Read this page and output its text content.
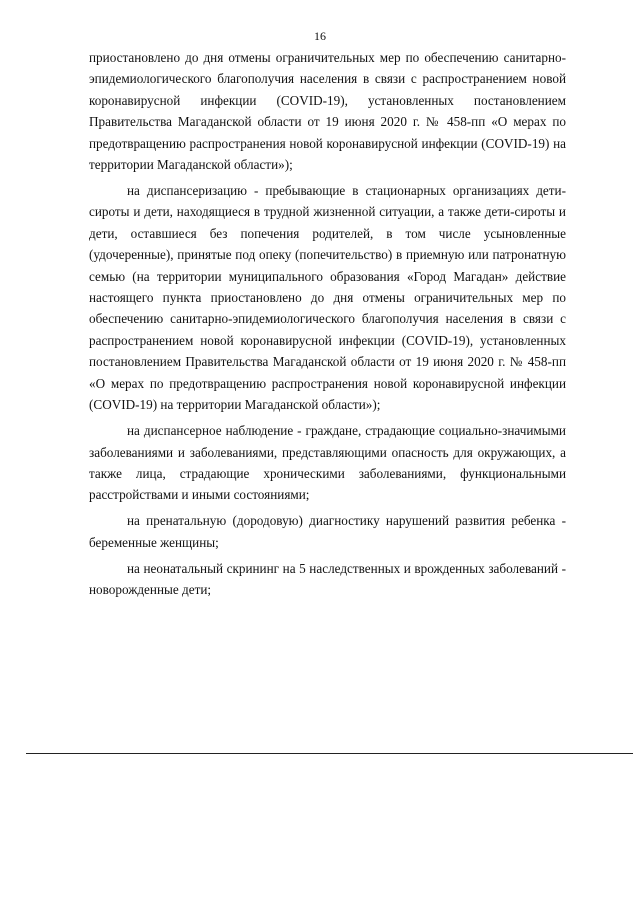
16

приостановлено до дня отмены ограничительных мер по обеспечению санитарно-эпидемиологического благополучия населения в связи с распространением новой коронавирусной инфекции (COVID-19), установленных постановлением Правительства Магаданской области от 19 июня 2020 г. № 458-пп «О мерах по предотвращению распространения новой коронавирусной инфекции (COVID-19) на территории Магаданской области»);

на диспансеризацию - пребывающие в стационарных организациях дети-сироты и дети, находящиеся в трудной жизненной ситуации, а также дети-сироты и дети, оставшиеся без попечения родителей, в том числе усыновленные (удочеренные), принятые под опеку (попечительство) в приемную или патронатную семью (на территории муниципального образования «Город Магадан» действие настоящего пункта приостановлено до дня отмены ограничительных мер по обеспечению санитарно-эпидемиологического благополучия населения в связи с распространением новой коронавирусной инфекции (COVID-19), установленных постановлением Правительства Магаданской области от 19 июня 2020 г. № 458-пп «О мерах по предотвращению распространения новой коронавирусной инфекции (COVID-19) на территории Магаданской области»);

на диспансерное наблюдение - граждане, страдающие социально-значимыми заболеваниями и заболеваниями, представляющими опасность для окружающих, а также лица, страдающие хроническими заболеваниями, функциональными расстройствами и иными состояниями;

на пренатальную (дородовую) диагностику нарушений развития ребенка - беременные женщины;

на неонатальный скрининг на 5 наследственных и врожденных заболеваний - новорожденные дети;
